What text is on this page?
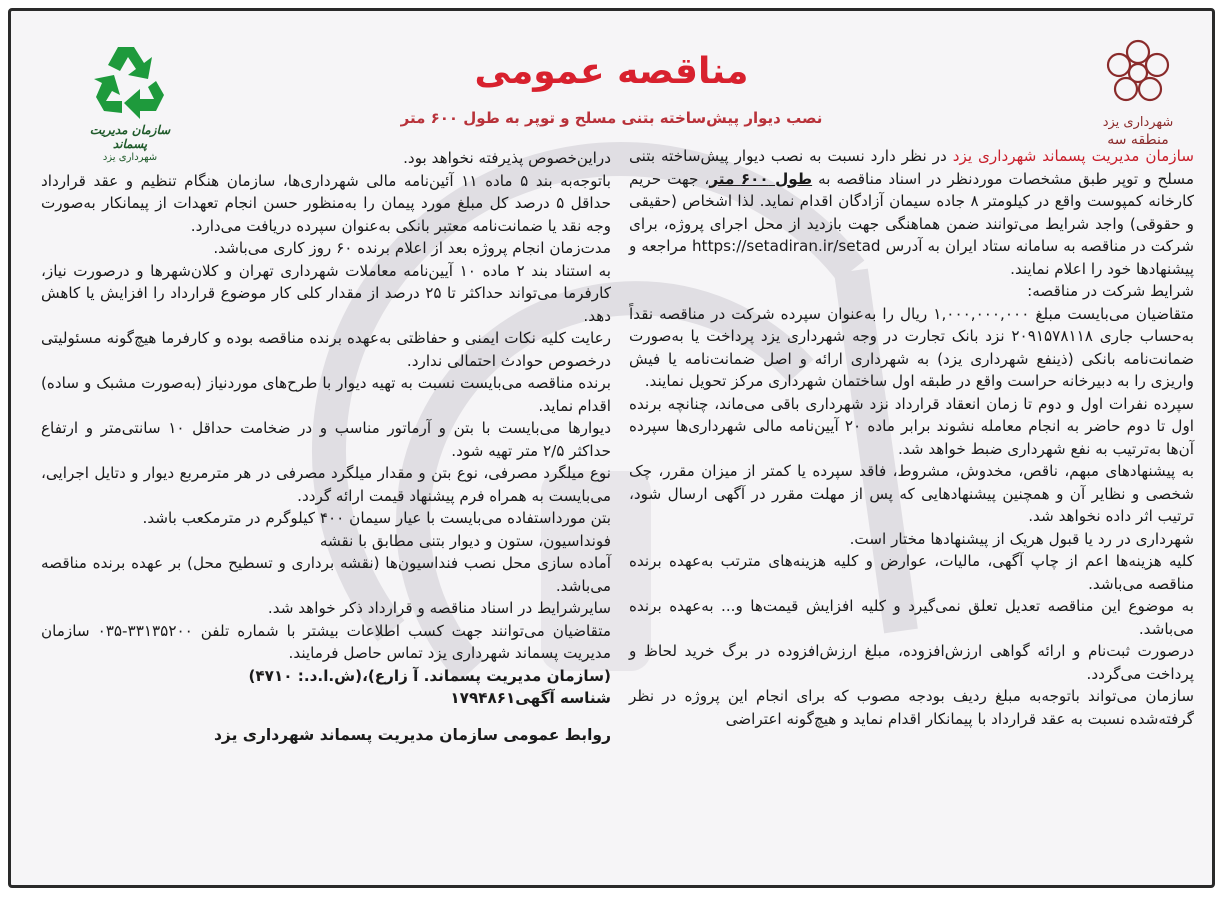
شهرداری یزد
منطقه سه
سازمان مدیریت پسماند
شهرداری یزد
مناقصه عمومی
نصب دیوار پیش‌ساخته بتنی مسلح و توپر به طول ۶۰۰ متر

سازمان مدیریت پسماند شهرداری یزد در نظر دارد نسبت به نصب دیوار پیش‌ساخته بتنی مسلح و توپر طبق مشخصات موردنظر در اسناد مناقصه به طول ۶۰۰ متر، جهت حریم کارخانه کمپوست واقع در کیلومتر ۸ جاده سیمان آزادگان اقدام نماید. لذا اشخاص (حقیقی و حقوقی) واجد شرایط می‌توانند ضمن هماهنگی جهت بازدید از محل اجرای پروژه، برای شرکت در مناقصه به سامانه ستاد ایران به آدرس https://setadiran.ir/setad مراجعه و پیشنهادها خود را اعلام نمایند.

شرایط شرکت در مناقصه:

متقاضیان می‌بایست مبلغ ۱,۰۰۰,۰۰۰,۰۰۰ ریال را به‌عنوان سپرده شرکت در مناقصه نقداً به‌حساب جاری ۲۰۹۱۵۷۸۱۱۸ نزد بانک تجارت در وجه شهرداری یزد پرداخت یا به‌صورت ضمانت‌نامه بانکی (ذینفع شهرداری یزد) به شهرداری ارائه و اصل ضمانت‌نامه یا فیش واریزی را به دبیرخانه حراست واقع در طبقه اول ساختمان شهرداری مرکز تحویل نمایند.

سپرده نفرات اول و دوم تا زمان انعقاد قرارداد نزد شهرداری باقی می‌ماند، چنانچه برنده اول تا دوم حاضر به انجام معامله نشوند برابر ماده ۲۰ آیین‌نامه مالی شهرداری‌ها سپرده آن‌ها به‌ترتیب به نفع شهرداری ضبط خواهد شد.

به پیشنهادهای مبهم، ناقص، مخدوش، مشروط، فاقد سپرده یا کمتر از میزان مقرر، چک شخصی و نظایر آن و همچنین پیشنهادهایی که پس از مهلت مقرر در آگهی ارسال شود، ترتیب اثر داده نخواهد شد.

شهرداری در رد یا قبول هریک از پیشنهادها مختار است.

کلیه هزینه‌ها اعم از چاپ آگهی، مالیات، عوارض و کلیه هزینه‌های مترتب به‌عهده برنده مناقصه می‌باشد.

به موضوع این مناقصه تعدیل تعلق نمی‌گیرد و کلیه افزایش قیمت‌ها و... به‌عهده برنده می‌باشد.

درصورت ثبت‌نام و ارائه گواهی ارزش‌افزوده، مبلغ ارزش‌افزوده در برگ خرید لحاظ و پرداخت می‌گردد.

سازمان می‌تواند باتوجه‌به مبلغ ردیف بودجه مصوب که برای انجام این پروژه در نظر گرفته‌شده نسبت به عقد قرارداد با پیمانکار اقدام نماید و هیچ‌گونه اعتراضی

دراین‌خصوص پذیرفته نخواهد بود.

باتوجه‌به بند ۵ ماده ۱۱ آئین‌نامه مالی شهرداری‌ها، سازمان هنگام تنظیم و عقد قرارداد حداقل ۵ درصد کل مبلغ مورد پیمان را به‌منظور حسن انجام تعهدات از پیمانکار به‌صورت وجه نقد یا ضمانت‌نامه معتبر بانکی به‌عنوان سپرده دریافت می‌دارد.

مدت‌زمان انجام پروژه بعد از اعلام برنده ۶۰ روز کاری می‌باشد.

به استناد بند ۲ ماده ۱۰ آیین‌نامه معاملات شهرداری تهران و کلان‌شهرها و درصورت نیاز، کارفرما می‌تواند حداکثر تا ۲۵ درصد از مقدار کلی کار موضوع قرارداد را افزایش یا کاهش دهد.

رعایت کلیه نکات ایمنی و حفاظتی به‌عهده برنده مناقصه بوده و کارفرما هیچ‌گونه مسئولیتی درخصوص حوادث احتمالی ندارد.

برنده مناقصه می‌بایست نسبت به تهیه دیوار با طرح‌های موردنیاز (به‌صورت مشبک و ساده) اقدام نماید.

دیوارها می‌بایست با بتن و آرماتور مناسب و در ضخامت حداقل ۱۰ سانتی‌متر و ارتفاع حداکثر ۲/۵ متر تهیه شود.

نوع میلگرد مصرفی، نوع بتن و مقدار میلگرد مصرفی در هر مترمربع دیوار و دتایل اجرایی، می‌بایست به همراه فرم پیشنهاد قیمت ارائه گردد.

بتن مورداستفاده می‌بایست با عیار سیمان ۴۰۰ کیلوگرم در مترمکعب باشد.

فونداسیون، ستون و دیوار بتنی مطابق با نقشه

آماده سازی محل نصب فنداسیون‌ها (نقشه برداری و تسطیح محل) بر عهده برنده مناقصه می‌باشد.

سایرشرایط در اسناد مناقصه و قرارداد ذکر خواهد شد.

متقاضیان می‌توانند جهت کسب اطلاعات بیشتر با شماره تلفن ۳۳۱۳۵۲۰۰-۰۳۵ سازمان مدیریت پسماند شهرداری یزد تماس حاصل فرمایند.

(سازمان مدیریت پسماند. آ زارع)،(ش.ا.د.: ۴۷۱۰)

شناسه آگهی۱۷۹۴۸۶۱

روابط عمومی سازمان مدیریت پسماند شهرداری یزد
